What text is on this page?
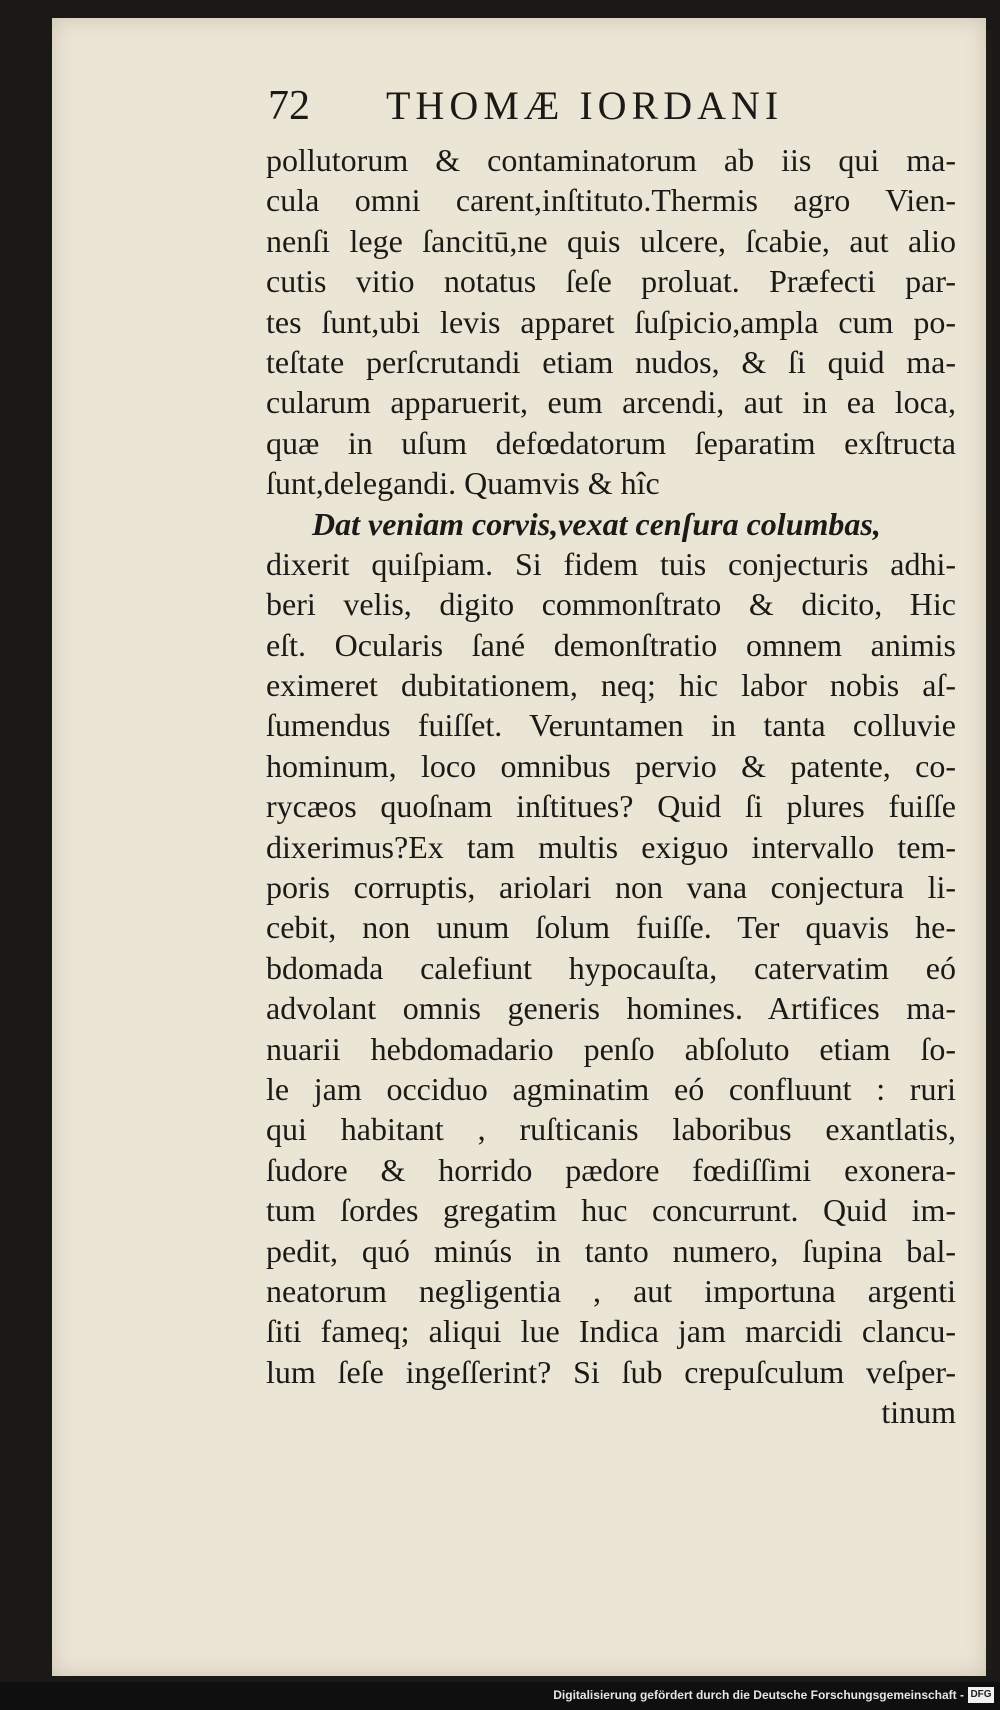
72 THOMÆ IORDANI
pollutorum & contaminatorum ab iis qui ma-
cula omni carent,inſtituto.Thermis agro Vien-
nenſi lege ſancitū,ne quis ulcere, ſcabie, aut alio
cutis vitio notatus ſeſe proluat. Præfecti par-
tes ſunt,ubi levis apparet ſuſpicio,ampla cum po-
teſtate perſcrutandi etiam nudos, & ſi quid ma-
cularum apparuerit, eum arcendi, aut in ea loca,
quæ in uſum defœdatorum ſeparatim exſtructa
ſunt,delegandi. Quamvis & hîc
Dat veniam corvis,vexat cenſura columbas,
dixerit quiſpiam. Si fidem tuis conjecturis adhi-
beri velis, digito commonſtrato & dicito, Hic
eſt. Ocularis ſané demonſtratio omnem animis
eximeret dubitationem, neq; hic labor nobis aſ-
ſumendus fuiſſet. Veruntamen in tanta colluvie
hominum, loco omnibus pervio & patente, co-
rycæos quoſnam inſtitues? Quid ſi plures fuiſſe
dixerimus?Ex tam multis exiguo intervallo tem-
poris corruptis, ariolari non vana conjectura li-
cebit, non unum ſolum fuiſſe. Ter quavis he-
bdomada calefiunt hypocauſta, catervatim eó
advolant omnis generis homines. Artifices ma-
nuarii hebdomadario penſo abſoluto etiam ſo-
le jam occiduo agminatim eó confluunt : ruri
qui habitant , ruſticanis laboribus exantlatis,
ſudore & horrido pædore fœdiſſimi exonera-
tum ſordes gregatim huc concurrunt. Quid im-
pedit, quó minús in tanto numero, ſupina bal-
neatorum negligentia , aut importuna argenti
ſiti fameq; aliqui lue Indica jam marcidi clancu-
lum ſeſe ingeſſerint? Si ſub crepuſculum veſper-
tinum
Digitalisierung gefördert durch die Deutsche Forschungsgemeinschaft - DFG
